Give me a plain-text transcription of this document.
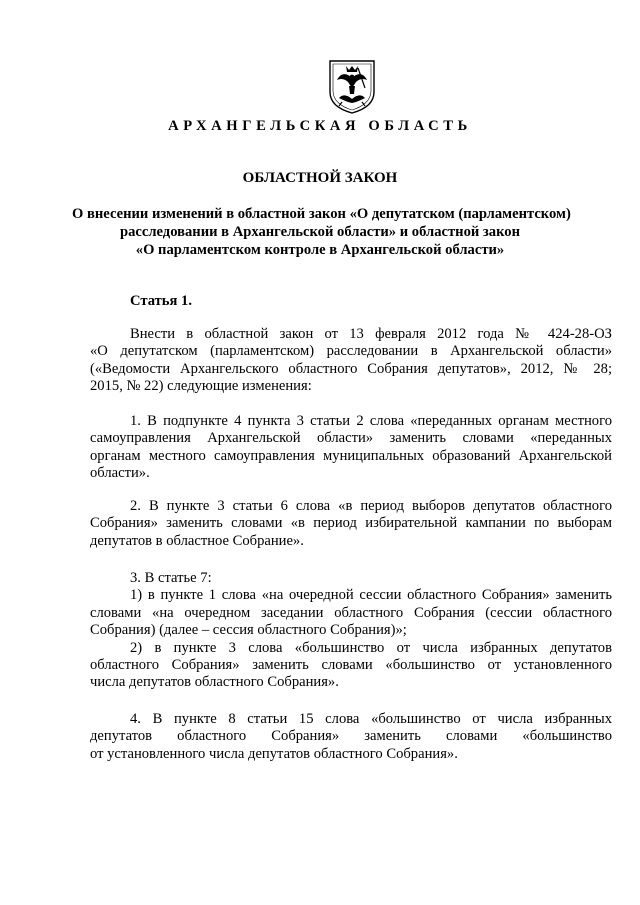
АРХАНГЕЛЬСКАЯ ОБЛАСТЬ
ОБЛАСТНОЙ ЗАКОН
О внесении изменений в областной закон «О депутатском (парламентском)
расследовании в Архангельской области» и областной закон
«О парламентском контроле в Архангельской области»
Статья 1.
Внести в областной закон от 13 февраля 2012 года № 424-28-ОЗ
«О депутатском (парламентском) расследовании в Архангельской области»
(«Ведомости Архангельского областного Собрания депутатов», 2012, № 28;
2015, № 22) следующие изменения:
1. В подпункте 4 пункта 3 статьи 2 слова «переданных органам местного
самоуправления Архангельской области» заменить словами «переданных
органам местного самоуправления муниципальных образований Архангельской
области».
2. В пункте 3 статьи 6 слова «в период выборов депутатов областного
Собрания» заменить словами «в период избирательной кампании по выборам
депутатов в областное Собрание».
3. В статье 7:
1) в пункте 1 слова «на очередной сессии областного Собрания» заменить
словами «на очередном заседании областного Собрания (сессии областного
Собрания) (далее – сессия областного Собрания)»;
2) в пункте 3 слова «большинство от числа избранных депутатов
областного Собрания» заменить словами «большинство от установленного
числа депутатов областного Собрания».
4. В пункте 8 статьи 15 слова «большинство от числа избранных
депутатов областного Собрания» заменить словами «большинство
от установленного числа депутатов областного Собрания».
